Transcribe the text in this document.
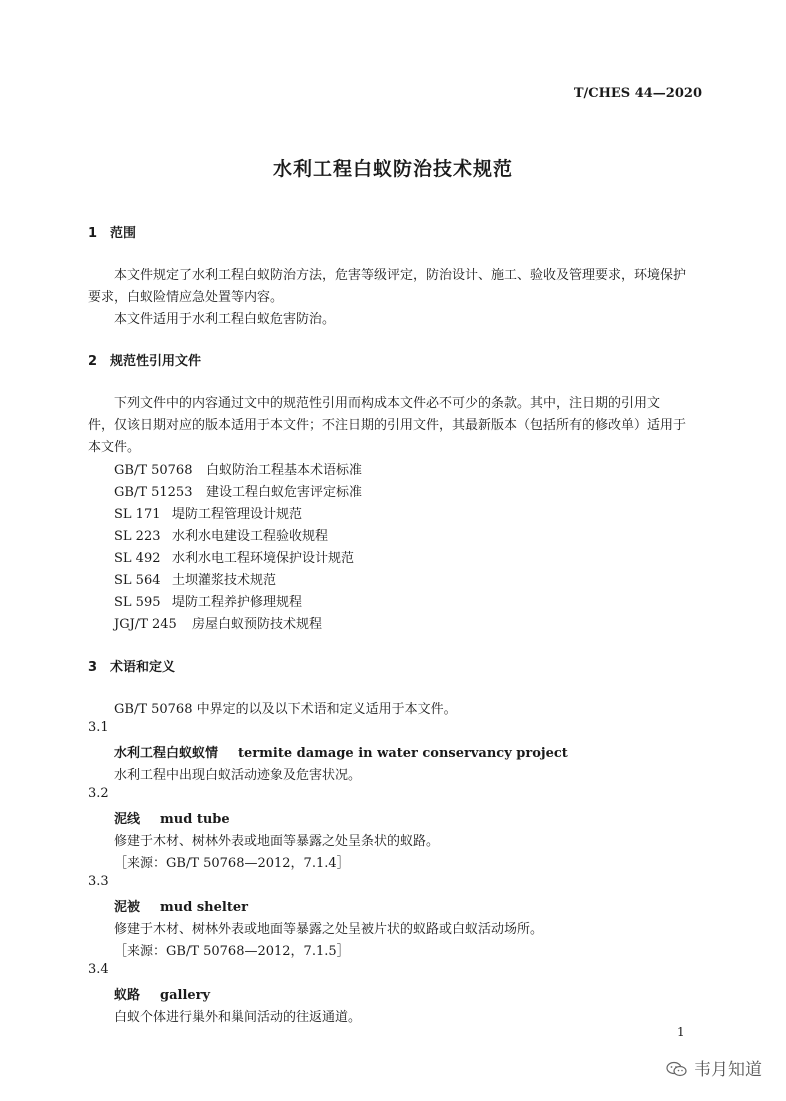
T/CHES 44—2020
水利工程白蚁防治技术规范
1 范围
本文件规定了水利工程白蚁防治方法，危害等级评定，防治设计、施工、验收及管理要求，环境保护
要求，白蚁险情应急处置等内容。
本文件适用于水利工程白蚁危害防治。
2 规范性引用文件
下列文件中的内容通过文中的规范性引用而构成本文件必不可少的条款。其中，注日期的引用文
件，仅该日期对应的版本适用于本文件；不注日期的引用文件，其最新版本（包括所有的修改单）适用于
本文件。
GB/T 50768 白蚁防治工程基本术语标准
GB/T 51253 建设工程白蚁危害评定标准
SL 171 堤防工程管理设计规范
SL 223 水利水电建设工程验收规程
SL 492 水利水电工程环境保护设计规范
SL 564 土坝灌浆技术规范
SL 595 堤防工程养护修理规程
JGJ/T 245 房屋白蚁预防技术规程
3 术语和定义
GB/T 50768 中界定的以及以下术语和定义适用于本文件。
3.1
水利工程白蚁蚁情 termite damage in water conservancy project
水利工程中出现白蚁活动迹象及危害状况。
3.2
泥线 mud tube
修建于木材、树林外表或地面等暴露之处呈条状的蚁路。
［来源：GB/T 50768—2012，7.1.4］
3.3
泥被 mud shelter
修建于木材、树林外表或地面等暴露之处呈被片状的蚁路或白蚁活动场所。
［来源：GB/T 50768—2012，7.1.5］
3.4
蚁路 gallery
白蚁个体进行巢外和巢间活动的往返通道。
1
韦月知道
